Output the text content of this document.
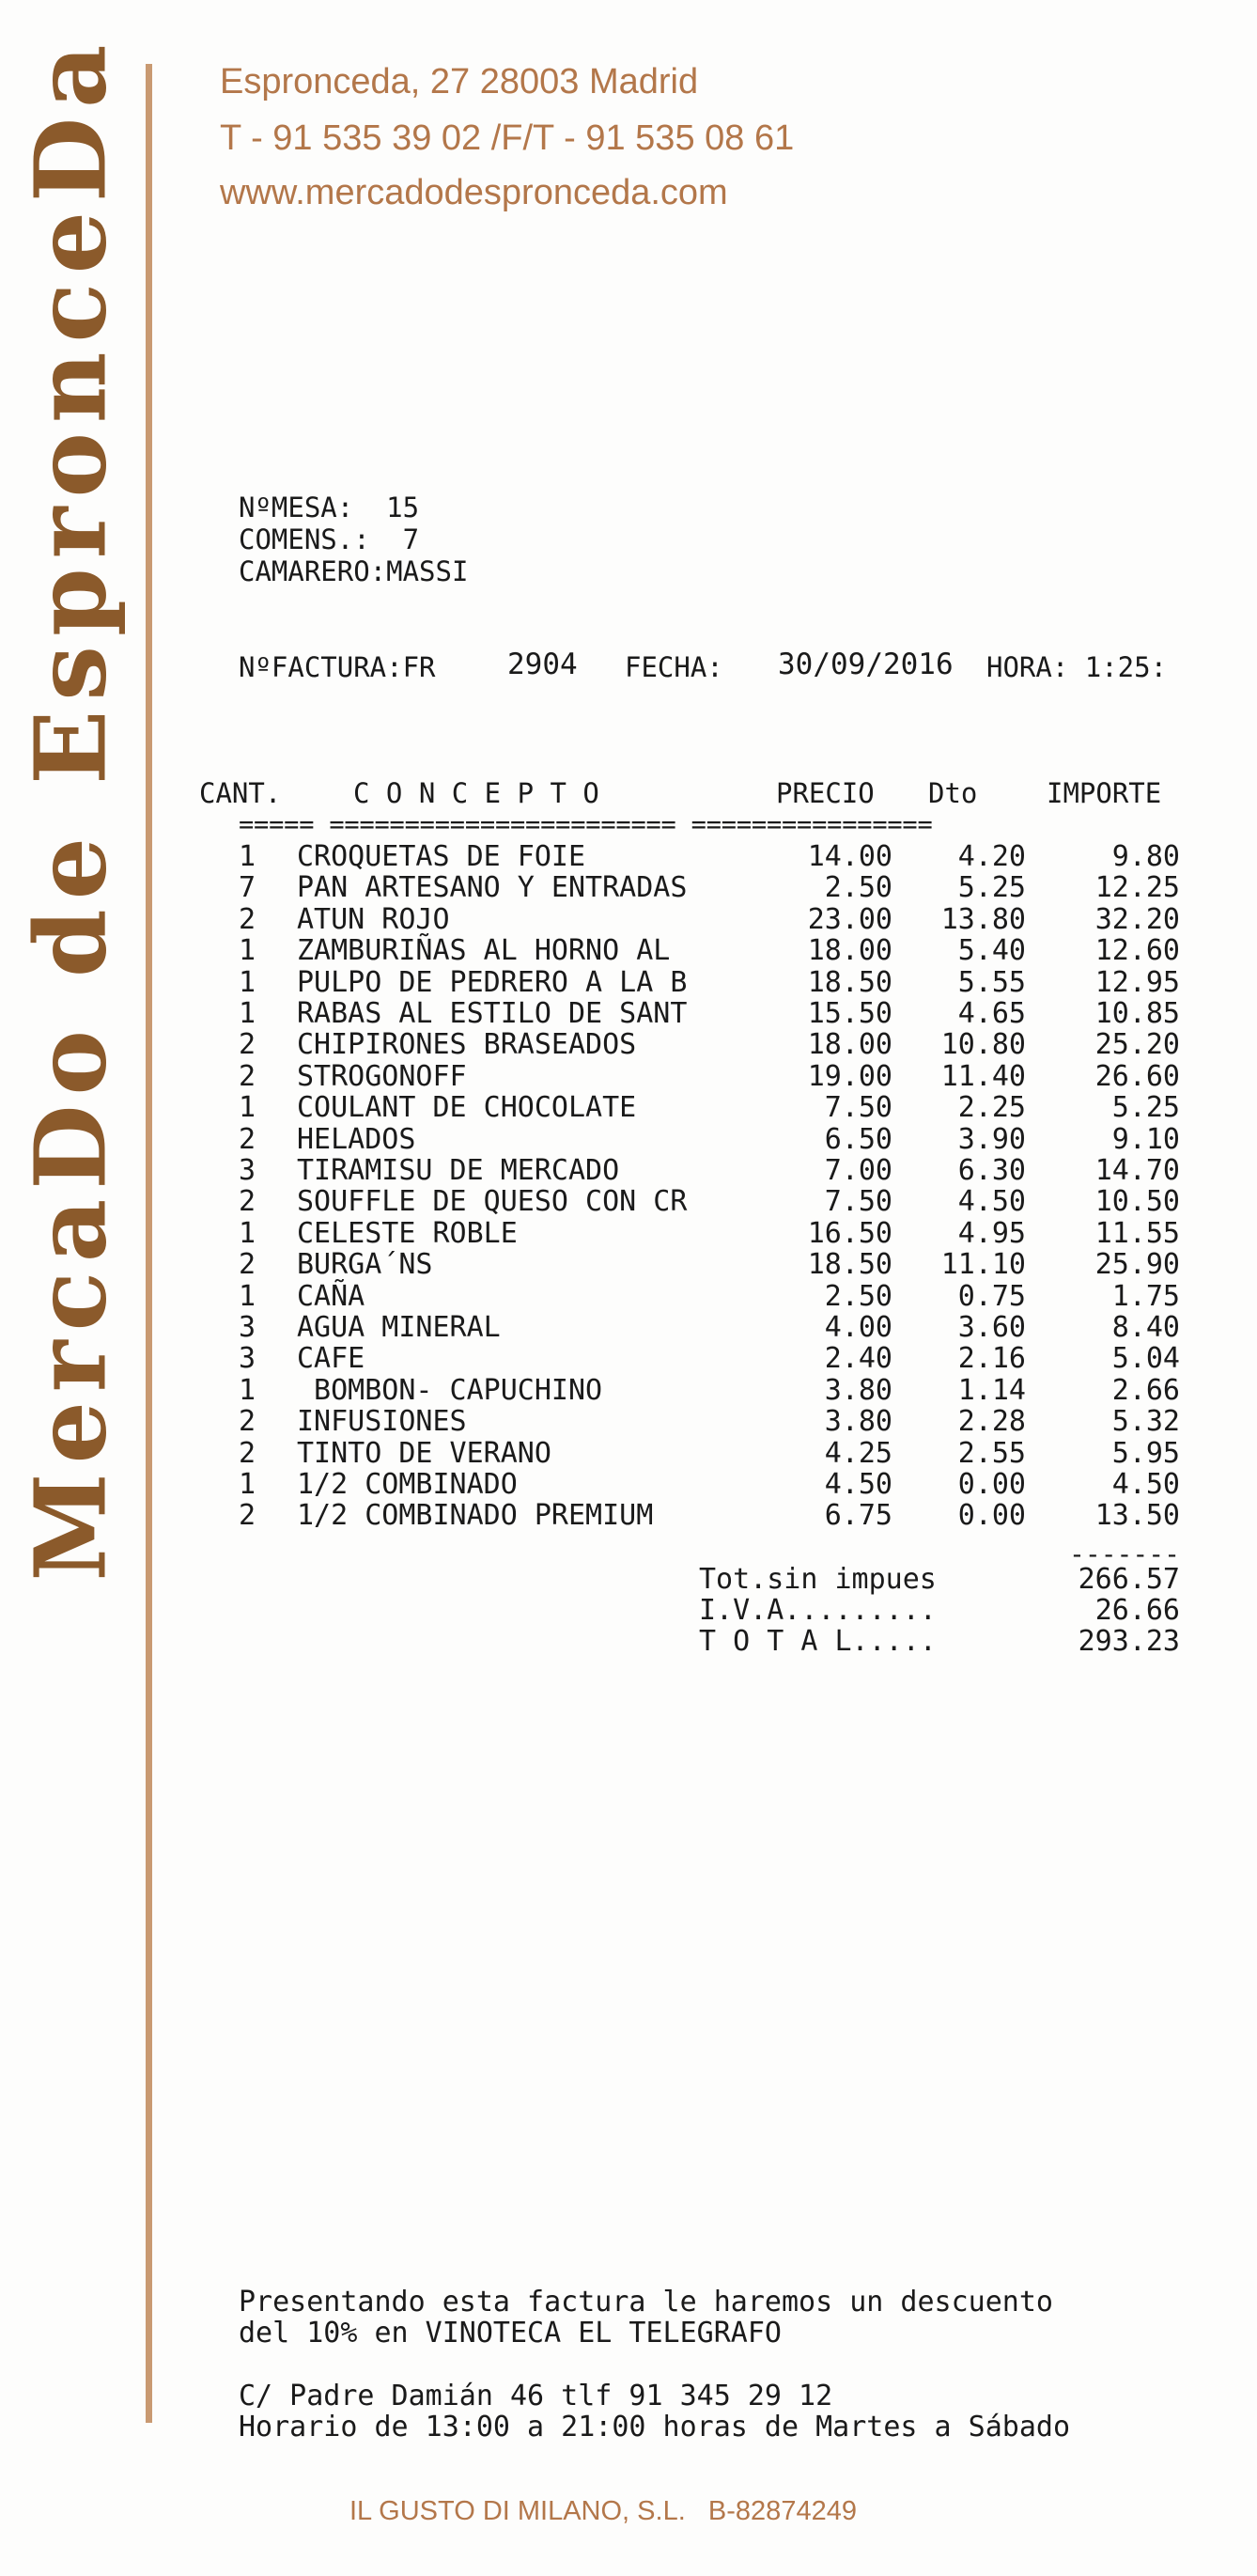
MercaDo de EspronceDa	Espronceda, 27 28003 Madrid
T - 91 535 39 02 /F/T - 91 535 08 61
www.mercadodespronceda.com
NºMESA:  15
COMENS.:  7
CAMARERO:MASSI
NºFACTURA:FR 2904 FECHA: 30/09/2016 HORA: 1:25:
CANT.	C O N C E P T O	PRECIO Dto	IMPORTE
===== ======================= ================
1 CROQUETAS DE FOIE	14.00	4.20	9.80
7 PAN ARTESANO Y ENTRADAS	2.50	5.25	12.25
2 ATUN ROJO	23.00	13.80	32.20
1 ZAMBURIÑAS AL HORNO AL	18.00	5.40	12.60
1 PULPO DE PEDRERO A LA B	18.50	5.55	12.95
1 RABAS AL ESTILO DE SANT	15.50	4.65	10.85
2 CHIPIRONES BRASEADOS	18.00	10.80	25.20
2 STROGONOFF	19.00	11.40	26.60
1 COULANT DE CHOCOLATE	7.50	2.25	5.25
2 HELADOS	6.50	3.90	9.10
3 TIRAMISU DE MERCADO	7.00	6.30	14.70
2 SOUFFLE DE QUESO CON CR	7.50	4.50	10.50
1 CELESTE ROBLE	16.50	4.95	11.55
2 BURGA´NS	18.50	11.10	25.90
1 CAÑA	2.50	0.75	1.75
3 AGUA MINERAL	4.00	3.60	8.40
3 CAFE	2.40	2.16	5.04
1 BOMBON- CAPUCHINO	3.80	1.14	2.66
2 INFUSIONES	3.80	2.28	5.32
2 TINTO DE VERANO	4.25	2.55	5.95
1 1/2 COMBINADO	4.50	0.00	4.50
2 1/2 COMBINADO PREMIUM	6.75	0.00	13.50
-------
Tot.sin impues	266.57
I.V.A.........	26.66
T O T A L.....	293.23
Presentando esta factura le haremos un descuento
del 10% en VINOTECA EL TELEGRAFO
C/ Padre Damián 46 tlf 91 345 29 12
Horario de 13:00 a 21:00 horas de Martes a Sábado
IL GUSTO DI MILANO, S.L.   B-82874249
